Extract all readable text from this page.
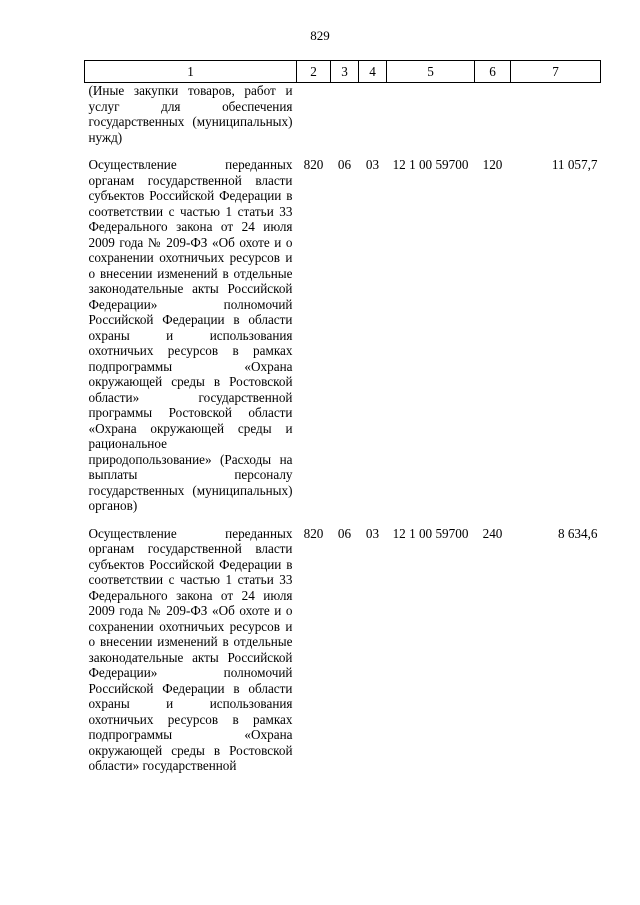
829
1	2	3	4	5	6	7
(Иные закупки товаров, работ и услуг для обеспечения государственных (муниципальных) нужд)						
Осуществление переданных органам государственной власти субъектов Российской Федерации в соответствии с частью 1 статьи 33 Федерального закона от 24 июля 2009 года № 209-ФЗ «Об охоте и о сохранении охотничьих ресурсов и о внесении изменений в отдельные законодательные акты Российской Федерации» полномочий Российской Федерации в области охраны и использования охотничьих ресурсов в рамках подпрограммы «Охрана окружающей среды в Ростовской области» государственной программы Ростовской области «Охрана окружающей среды и рациональное природопользование» (Расходы на выплаты персоналу государственных (муниципальных) органов)	820	06	03	12 1 00 59700	120	11 057,7
Осуществление переданных органам государственной власти субъектов Российской Федерации в соответствии с частью 1 статьи 33 Федерального закона от 24 июля 2009 года № 209-ФЗ «Об охоте и о сохранении охотничьих ресурсов и о внесении изменений в отдельные законодательные акты Российской Федерации» полномочий Российской Федерации в области охраны и использования охотничьих ресурсов в рамках подпрограммы «Охрана окружающей среды в Ростовской области» государственной	820	06	03	12 1 00 59700	240	8 634,6
